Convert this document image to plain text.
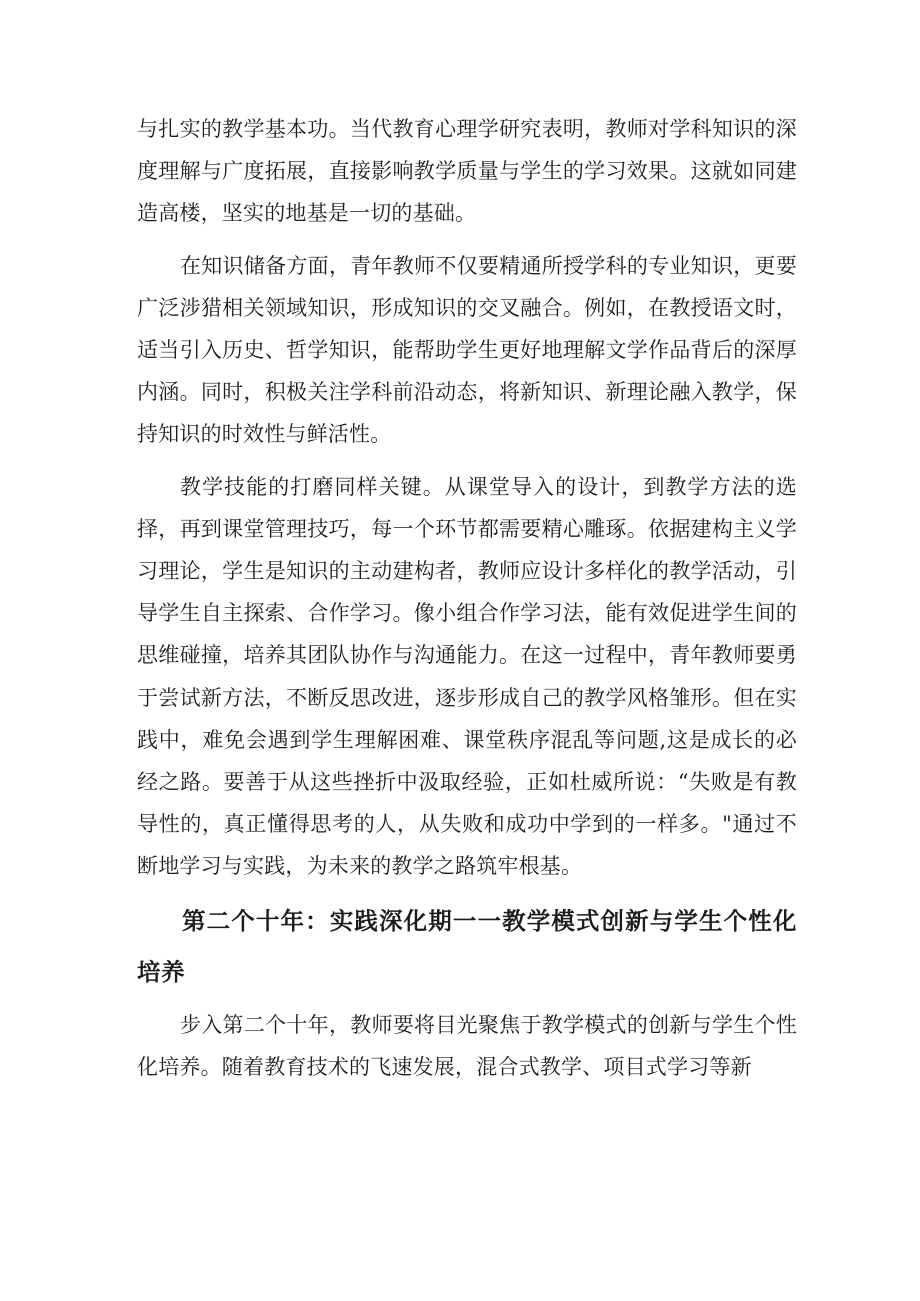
与扎实的教学基本功。当代教育心理学研究表明，教师对学科知识的深度理解与广度拓展，直接影响教学质量与学生的学习效果。这就如同建造高楼，坚实的地基是一切的基础。

在知识储备方面，青年教师不仅要精通所授学科的专业知识，更要广泛涉猎相关领域知识，形成知识的交叉融合。例如，在教授语文时，适当引入历史、哲学知识，能帮助学生更好地理解文学作品背后的深厚内涵。同时，积极关注学科前沿动态，将新知识、新理论融入教学，保持知识的时效性与鲜活性。

教学技能的打磨同样关键。从课堂导入的设计，到教学方法的选择，再到课堂管理技巧，每一个环节都需要精心雕琢。依据建构主义学习理论，学生是知识的主动建构者，教师应设计多样化的教学活动，引导学生自主探索、合作学习。像小组合作学习法，能有效促进学生间的思维碰撞，培养其团队协作与沟通能力。在这一过程中，青年教师要勇于尝试新方法，不断反思改进，逐步形成自己的教学风格雏形。但在实践中，难免会遇到学生理解困难、课堂秩序混乱等问题,这是成长的必经之路。要善于从这些挫折中汲取经验，正如杜威所说：“失败是有教导性的，真正懂得思考的人，从失败和成功中学到的一样多。"通过不断地学习与实践，为未来的教学之路筑牢根基。

第二个十年：实践深化期一一教学模式创新与学生个性化培养

步入第二个十年，教师要将目光聚焦于教学模式的创新与学生个性化培养。随着教育技术的飞速发展，混合式教学、项目式学习等新
